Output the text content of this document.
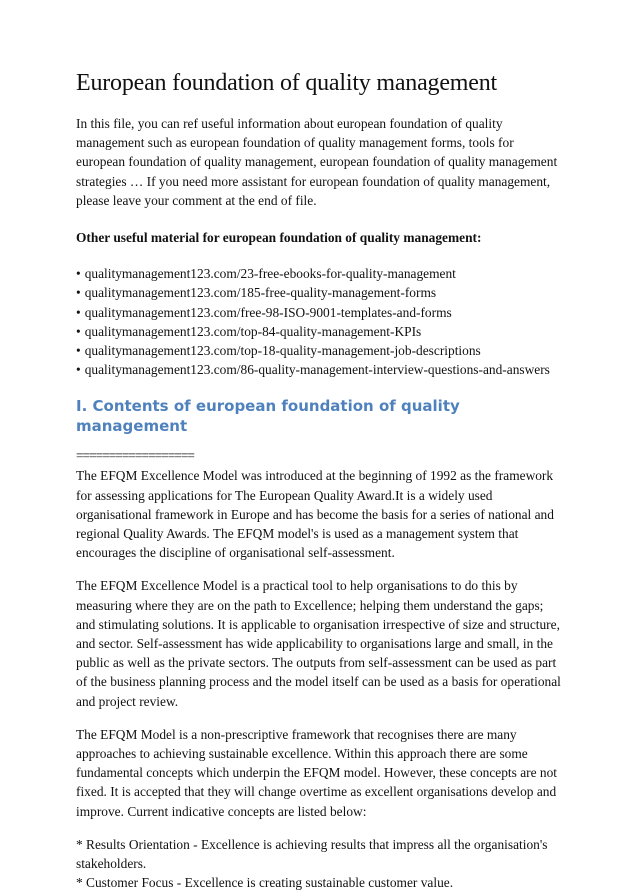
European foundation of quality management

In this file, you can ref useful information about european foundation of quality management such as european foundation of quality management forms, tools for european foundation of quality management, european foundation of quality management strategies … If you need more assistant for european foundation of quality management, please leave your comment at the end of file.

Other useful material for european foundation of quality management:

• qualitymanagement123.com/23-free-ebooks-for-quality-management
• qualitymanagement123.com/185-free-quality-management-forms
• qualitymanagement123.com/free-98-ISO-9001-templates-and-forms
• qualitymanagement123.com/top-84-quality-management-KPIs
• qualitymanagement123.com/top-18-quality-management-job-descriptions
• qualitymanagement123.com/86-quality-management-interview-questions-and-answers
I. Contents of european foundation of quality management
==================

The EFQM Excellence Model was introduced at the beginning of 1992 as the framework for assessing applications for The European Quality Award.It is a widely used organisational framework in Europe and has become the basis for a series of national and regional Quality Awards. The EFQM model's is used as a management system that encourages the discipline of organisational self-assessment.

The EFQM Excellence Model is a practical tool to help organisations to do this by measuring where they are on the path to Excellence; helping them understand the gaps; and stimulating solutions. It is applicable to organisation irrespective of size and structure, and sector. Self-assessment has wide applicability to organisations large and small, in the public as well as the private sectors. The outputs from self-assessment can be used as part of the business planning process and the model itself can be used as a basis for operational and project review.

The EFQM Model is a non-prescriptive framework that recognises there are many approaches to achieving sustainable excellence. Within this approach there are some fundamental concepts which underpin the EFQM model. However, these concepts are not fixed. It is accepted that they will change overtime as excellent organisations develop and improve. Current indicative concepts are listed below:

* Results Orientation - Excellence is achieving results that impress all the organisation's stakeholders.

* Customer Focus - Excellence is creating sustainable customer value.
